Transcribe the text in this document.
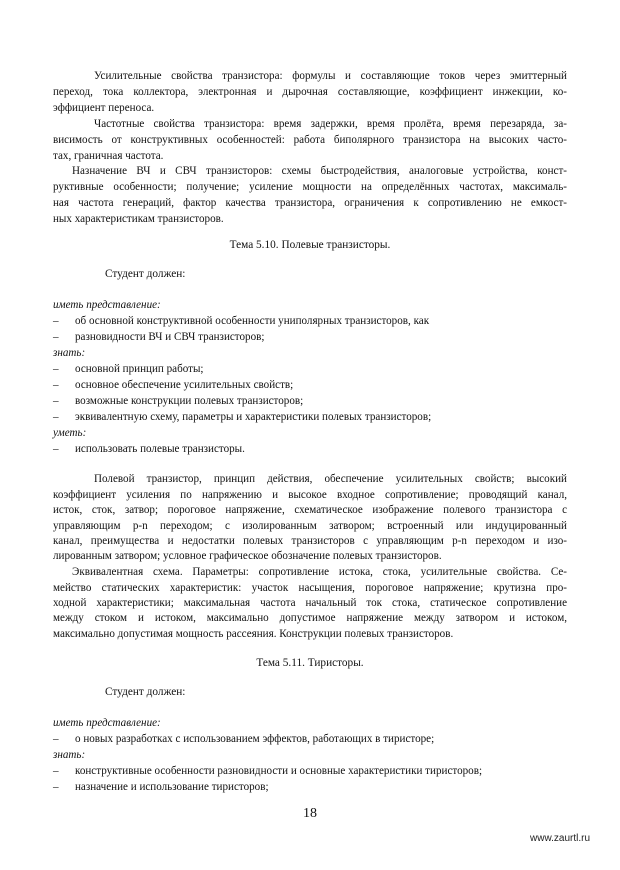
Усилительные свойства транзистора: формулы и составляющие токов через эмиттерный
переход, тока коллектора, электронная и дырочная составляющие, коэффициент инжекции, ко-
эффициент переноса.
Частотные свойства транзистора: время задержки, время пролёта, время перезаряда, за-
висимость от конструктивных особенностей: работа биполярного транзистора на высоких часто-
тах, граничная частота.
Назначение ВЧ и СВЧ транзисторов: схемы быстродействия, аналоговые устройства, конст-
руктивные особенности; получение; усиление мощности на определённых частотах, максималь-
ная частота генераций, фактор качества транзистора, ограничения к сопротивлению не емкост-
ных характеристикам транзисторов.
Тема 5.10. Полевые транзисторы.
Студент должен:
иметь представление:
– об основной конструктивной особенности униполярных транзисторов, как
– разновидности ВЧ и СВЧ транзисторов;
знать:
– основной принцип работы;
– основное обеспечение усилительных свойств;
– возможные конструкции полевых транзисторов;
– эквивалентную схему, параметры и характеристики полевых транзисторов;
уметь:
– использовать полевые транзисторы.
Полевой транзистор, принцип действия, обеспечение усилительных свойств; высокий
коэффициент усиления по напряжению и высокое входное сопротивление; проводящий канал,
исток, сток, затвор; пороговое напряжение, схематическое изображение полевого транзистора с
управляющим p-n переходом; с изолированным затвором; встроенный или индуцированный
канал, преимущества и недостатки полевых транзисторов с управляющим p-n переходом и изо-
лированным затвором; условное графическое обозначение полевых транзисторов.
Эквивалентная схема. Параметры: сопротивление истока, стока, усилительные свойства. Се-
мейство статических характеристик: участок насыщения, пороговое напряжение; крутизна про-
ходной характеристики; максимальная частота начальный ток стока, статическое сопротивление
между стоком и истоком, максимально допустимое напряжение между затвором и истоком,
максимально допустимая мощность рассеяния. Конструкции полевых транзисторов.
Тема 5.11. Тиристоры.
Студент должен:
иметь представление:
– о новых разработках с использованием эффектов, работающих в тиристоре;
знать:
– конструктивные особенности разновидности и основные характеристики тиристоров;
– назначение и использование тиристоров;
18
www.zaurtl.ru
